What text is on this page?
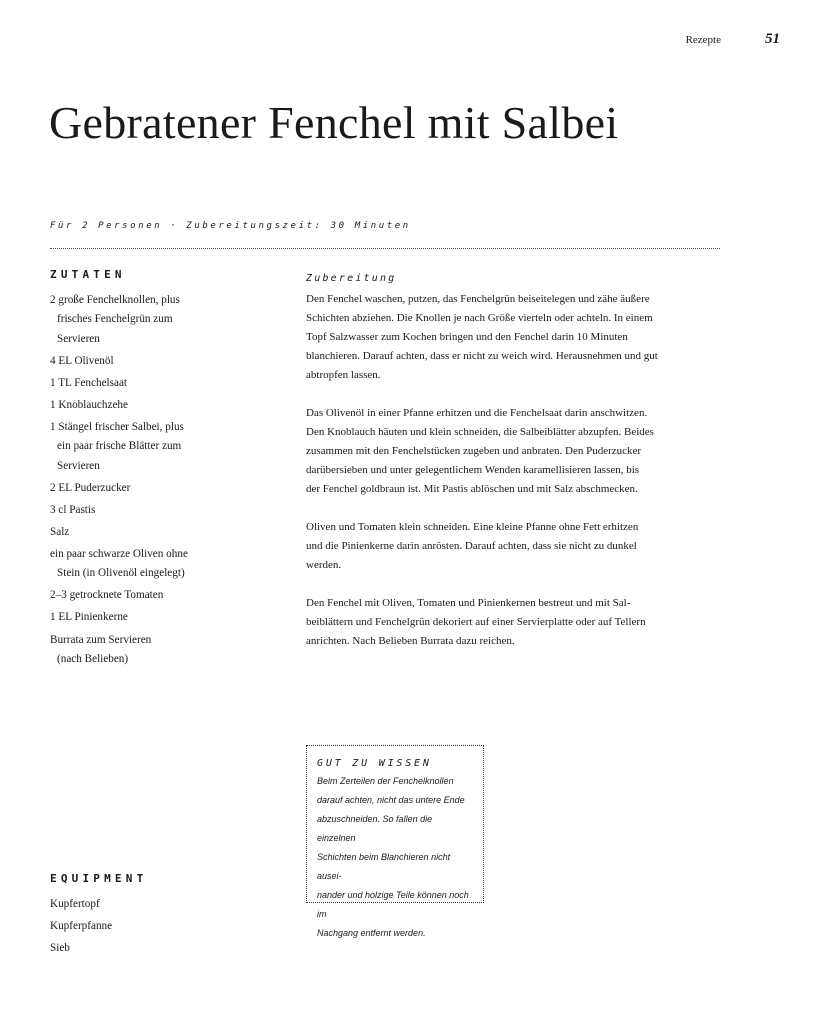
Rezepte	51
Gebratener Fenchel mit Salbei
Für 2 Personen · Zubereitungszeit: 30 Minuten
ZUTATEN
2 große Fenchelknollen, plus
frisches Fenchelgrün zum
Servieren
4 EL Olivenöl
1 TL Fenchelsaat
1 Knoblauchzehe
1 Stängel frischer Salbei, plus
ein paar frische Blätter zum
Servieren
2 EL Puderzucker
3 cl Pastis
Salz
ein paar schwarze Oliven ohne
Stein (in Olivenöl eingelegt)
2–3 getrocknete Tomaten
1 EL Pinienkerne
Burrata zum Servieren
(nach Belieben)
Zubereitung

Den Fenchel waschen, putzen, das Fenchelgrün beiseitelegen und zähe äußere
Schichten abziehen. Die Knollen je nach Größe vierteln oder achteln. In einem
Topf Salzwasser zum Kochen bringen und den Fenchel darin 10 Minuten
blanchieren. Darauf achten, dass er nicht zu weich wird. Herausnehmen und gut
abtropfen lassen.

Das Olivenöl in einer Pfanne erhitzen und die Fenchelsaat darin anschwitzen.
Den Knoblauch häuten und klein schneiden, die Salbeiblätter abzupfen. Beides
zusammen mit den Fenchelstücken zugeben und anbraten. Den Puderzucker
darübersieben und unter gelegentlichem Wenden karamellisieren lassen, bis
der Fenchel goldbraun ist. Mit Pastis ablöschen und mit Salz abschmecken.

Oliven und Tomaten klein schneiden. Eine kleine Pfanne ohne Fett erhitzen
und die Pinienkerne darin anrösten. Darauf achten, dass sie nicht zu dunkel
werden.

Den Fenchel mit Oliven, Tomaten und Pinienkernen bestreut und mit Sal-
beiblättern und Fenchelgrün dekoriert auf einer Servierplatte oder auf Tellern
anrichten. Nach Belieben Burrata dazu reichen.

GUT ZU WISSEN

Beim Zerteilen der Fenchelknollen
darauf achten, nicht das untere Ende
abzuschneiden. So fallen die einzelnen
Schichten beim Blanchieren nicht ausei-
nander und holzige Teile können noch im
Nachgang entfernt werden.

EQUIPMENT
Kupfertopf
Kupferpfanne
Sieb
